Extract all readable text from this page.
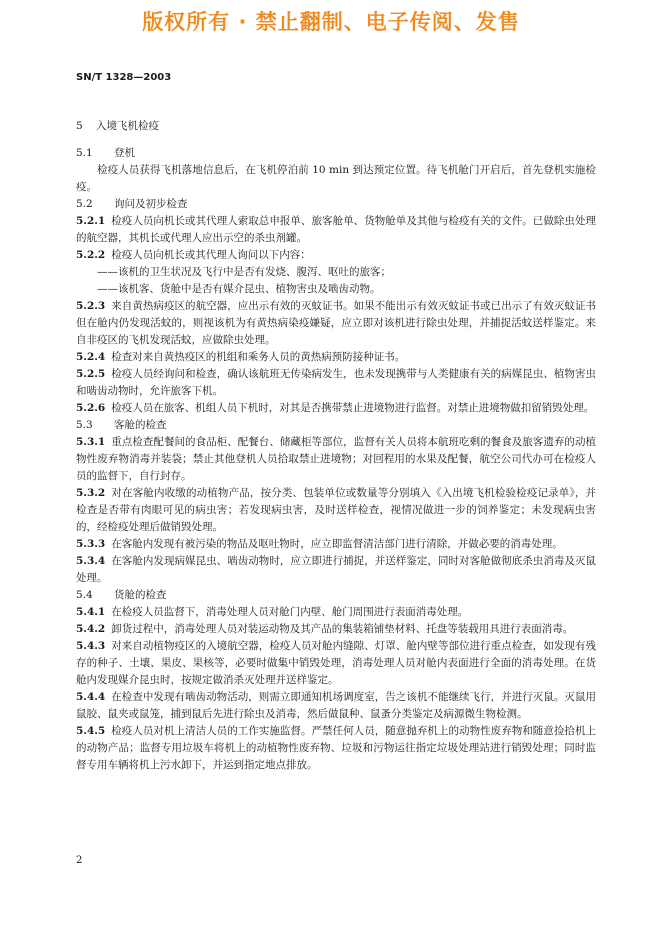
版权所有 · 禁止翻制、电子传阅、发售
SN/T 1328—2003
5 入境飞机检疫
5.1 登机
检疫人员获得飞机落地信息后，在飞机停泊前 10 min 到达预定位置。待飞机舱门开启后，首先登机实施检疫。
5.2 询问及初步检查
5.2.1 检疫人员向机长或其代理人索取总申报单、旅客舱单、货物舱单及其他与检疫有关的文件。已做除虫处理的航空器，其机长或代理人应出示空的杀虫剂罐。
5.2.2 检疫人员向机长或其代理人询问以下内容：
——该机的卫生状况及飞行中是否有发烧、腹泻、呕吐的旅客；
——该机客、货舱中是否有媒介昆虫、植物害虫及啮齿动物。
5.2.3 来自黄热病疫区的航空器，应出示有效的灭蚊证书。如果不能出示有效灭蚊证书或已出示了有效灭蚊证书但在舱内仍发现活蚊的，则视该机为有黄热病染疫嫌疑，应立即对该机进行除虫处理，并捕捉活蚊送样鉴定。来自非疫区的飞机发现活蚊，应做除虫处理。
5.2.4 检查对来自黄热疫区的机组和乘务人员的黄热病预防接种证书。
5.2.5 检疫人员经询问和检查，确认该航班无传染病发生，也未发现携带与人类健康有关的病媒昆虫、植物害虫和啮齿动物时，允许旅客下机。
5.2.6 检疫人员在旅客、机组人员下机时，对其是否携带禁止进境物进行监督。对禁止进境物做扣留销毁处理。
5.3 客舱的检查
5.3.1 重点检查配餐间的食品柜、配餐台、储藏柜等部位，监督有关人员将本航班吃剩的餐食及旅客遗弃的动植物性废弃物消毒并装袋；禁止其他登机人员拾取禁止进境物；对回程用的水果及配餐，航空公司代办可在检疫人员的监督下，自行封存。
5.3.2 对在客舱内收缴的动植物产品，按分类、包装单位或数量等分别填入《入出境飞机检验检疫记录单》，并检查是否带有肉眼可见的病虫害；若发现病虫害，及时送样检查，视情况做进一步的饲养鉴定；未发现病虫害的，经检疫处理后做销毁处理。
5.3.3 在客舱内发现有被污染的物品及呕吐物时，应立即监督清洁部门进行清除，并做必要的消毒处理。
5.3.4 在客舱内发现病媒昆虫、啮齿动物时，应立即进行捕捉，并送样鉴定，同时对客舱做彻底杀虫消毒及灭鼠处理。
5.4 货舱的检查
5.4.1 在检疫人员监督下，消毒处理人员对舱门内壁、舱门周围进行表面消毒处理。
5.4.2 卸货过程中，消毒处理人员对装运动物及其产品的集装箱铺垫材料、托盘等装载用具进行表面消毒。
5.4.3 对来自动植物疫区的入境航空器，检疫人员对舱内缝隙、灯罩、舱内壁等部位进行重点检查，如发现有残存的种子、土壤、果皮、果核等，必要时做集中销毁处理，消毒处理人员对舱内表面进行全面的消毒处理。在货舱内发现媒介昆虫时，按规定做消杀灭处理并送样鉴定。
5.4.4 在检查中发现有啮齿动物活动，则需立即通知机场调度室，告之该机不能继续飞行，并进行灭鼠。灭鼠用鼠胶、鼠夹或鼠笼，捕到鼠后先进行除虫及消毒，然后做鼠种、鼠蚤分类鉴定及病源微生物检测。
5.4.5 检疫人员对机上清洁人员的工作实施监督。严禁任何人员，随意抛弃机上的动物性废弃物和随意捡拾机上的动物产品；监督专用垃圾车将机上的动植物性废弃物、垃圾和污物运往指定垃圾处理站进行销毁处理；同时监督专用车辆将机上污水卸下，并运到指定地点排放。
2
